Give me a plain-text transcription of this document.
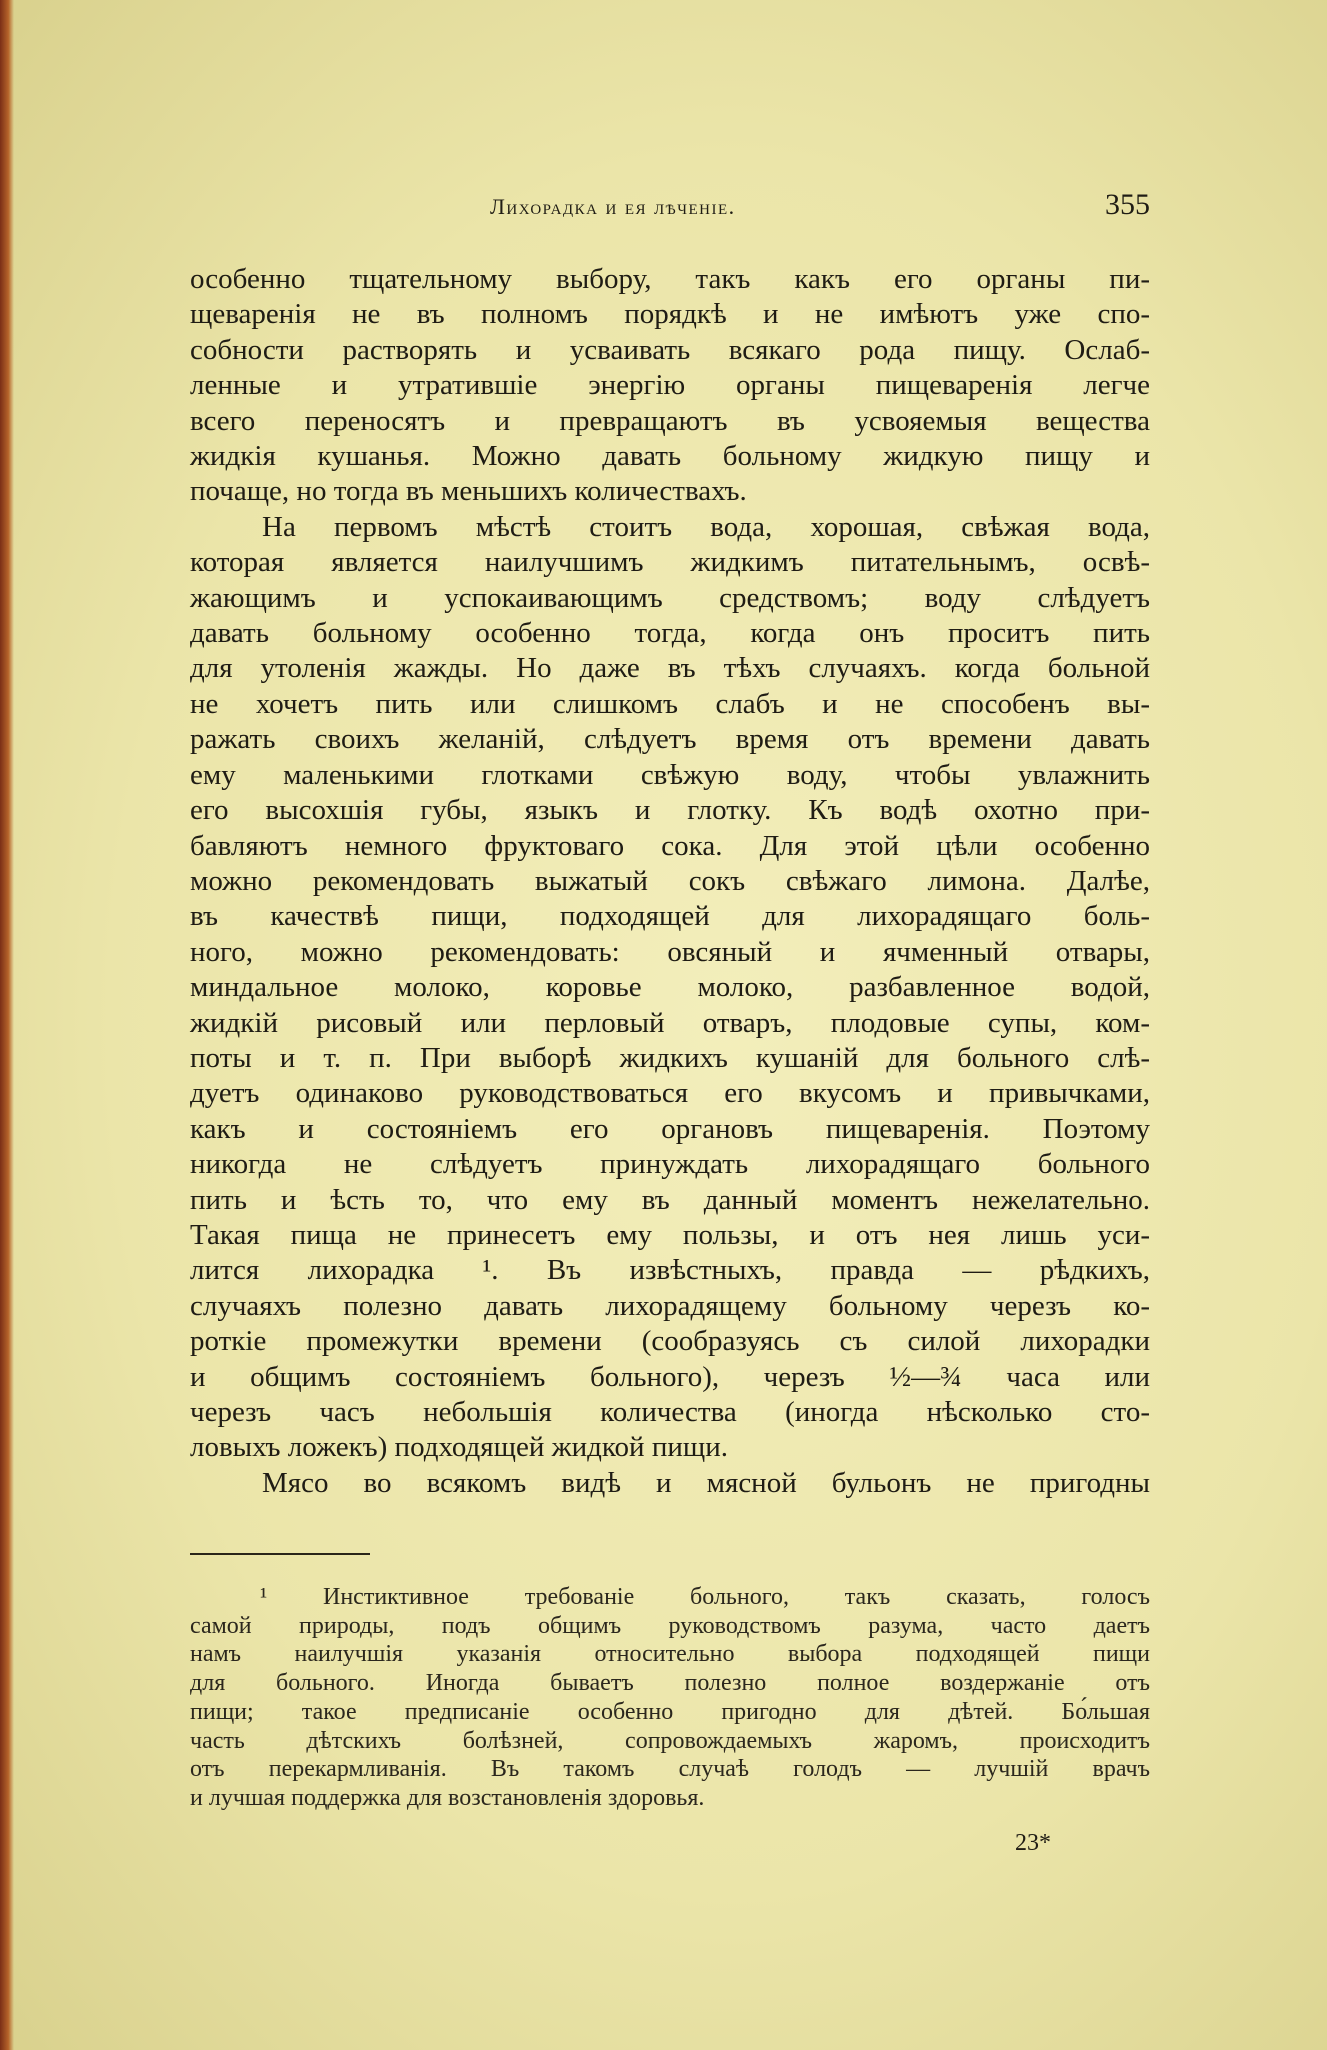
Лихорадка и ея лѣченіе.	355
особенно тщательному выбору, такъ какъ его органы пи-
щеваренія не въ полномъ порядкѣ и не имѣютъ уже спо-
собности растворять и усваивать всякаго рода пищу. Ослаб-
ленные и утратившіе энергію органы пищеваренія легче
всего переносятъ и превращаютъ въ усвояемыя вещества
жидкія кушанья. Можно давать больному жидкую пищу и
почаще, но тогда въ меньшихъ количествахъ.
На первомъ мѣстѣ стоитъ вода, хорошая, свѣжая вода,
которая является наилучшимъ жидкимъ питательнымъ, освѣ-
жающимъ и успокаивающимъ средствомъ; воду слѣдуетъ
давать больному особенно тогда, когда онъ проситъ пить
для утоленія жажды. Но даже въ тѣхъ случаяхъ. когда больной
не хочетъ пить или слишкомъ слабъ и не способенъ вы-
ражать своихъ желаній, слѣдуетъ время отъ времени давать
ему маленькими глотками свѣжую воду, чтобы увлажнить
его высохшія губы, языкъ и глотку. Къ водѣ охотно при-
бавляютъ немного фруктоваго сока. Для этой цѣли особенно
можно рекомендовать выжатый сокъ свѣжаго лимона. Далѣе,
въ качествѣ пищи, подходящей для лихорадящаго боль-
ного, можно рекомендовать: овсяный и ячменный отвары,
миндальное молоко, коровье молоко, разбавленное водой,
жидкій рисовый или перловый отваръ, плодовые супы, ком-
поты и т. п. При выборѣ жидкихъ кушаній для больного слѣ-
дуетъ одинаково руководствоваться его вкусомъ и привычками,
какъ и состояніемъ его органовъ пищеваренія. Поэтому
никогда не слѣдуетъ принуждать лихорадящаго больного
пить и ѣсть то, что ему въ данный моментъ нежелательно.
Такая пища не принесетъ ему пользы, и отъ нея лишь уси-
лится лихорадка ¹. Въ извѣстныхъ, правда — рѣдкихъ,
случаяхъ полезно давать лихорадящему больному черезъ ко-
роткіе промежутки времени (сообразуясь съ силой лихорадки
и общимъ состояніемъ больного), черезъ ½—¾ часа или
черезъ часъ небольшія количества (иногда нѣсколько сто-
ловыхъ ложекъ) подходящей жидкой пищи.
Мясо во всякомъ видѣ и мясной бульонъ не пригодны
¹ Инстиктивное требованіе больного, такъ сказать, голосъ
самой природы, подъ общимъ руководствомъ разума, часто даетъ
намъ наилучшія указанія относительно выбора подходящей пищи
для больного. Иногда бываетъ полезно полное воздержаніе отъ
пищи; такое предписаніе особенно пригодно для дѣтей. Бо́льшая
часть дѣтскихъ болѣзней, сопровождаемыхъ жаромъ, происходитъ
отъ перекармливанія. Въ такомъ случаѣ голодъ — лучшій врачъ
и лучшая поддержка для возстановленія здоровья.
23*
